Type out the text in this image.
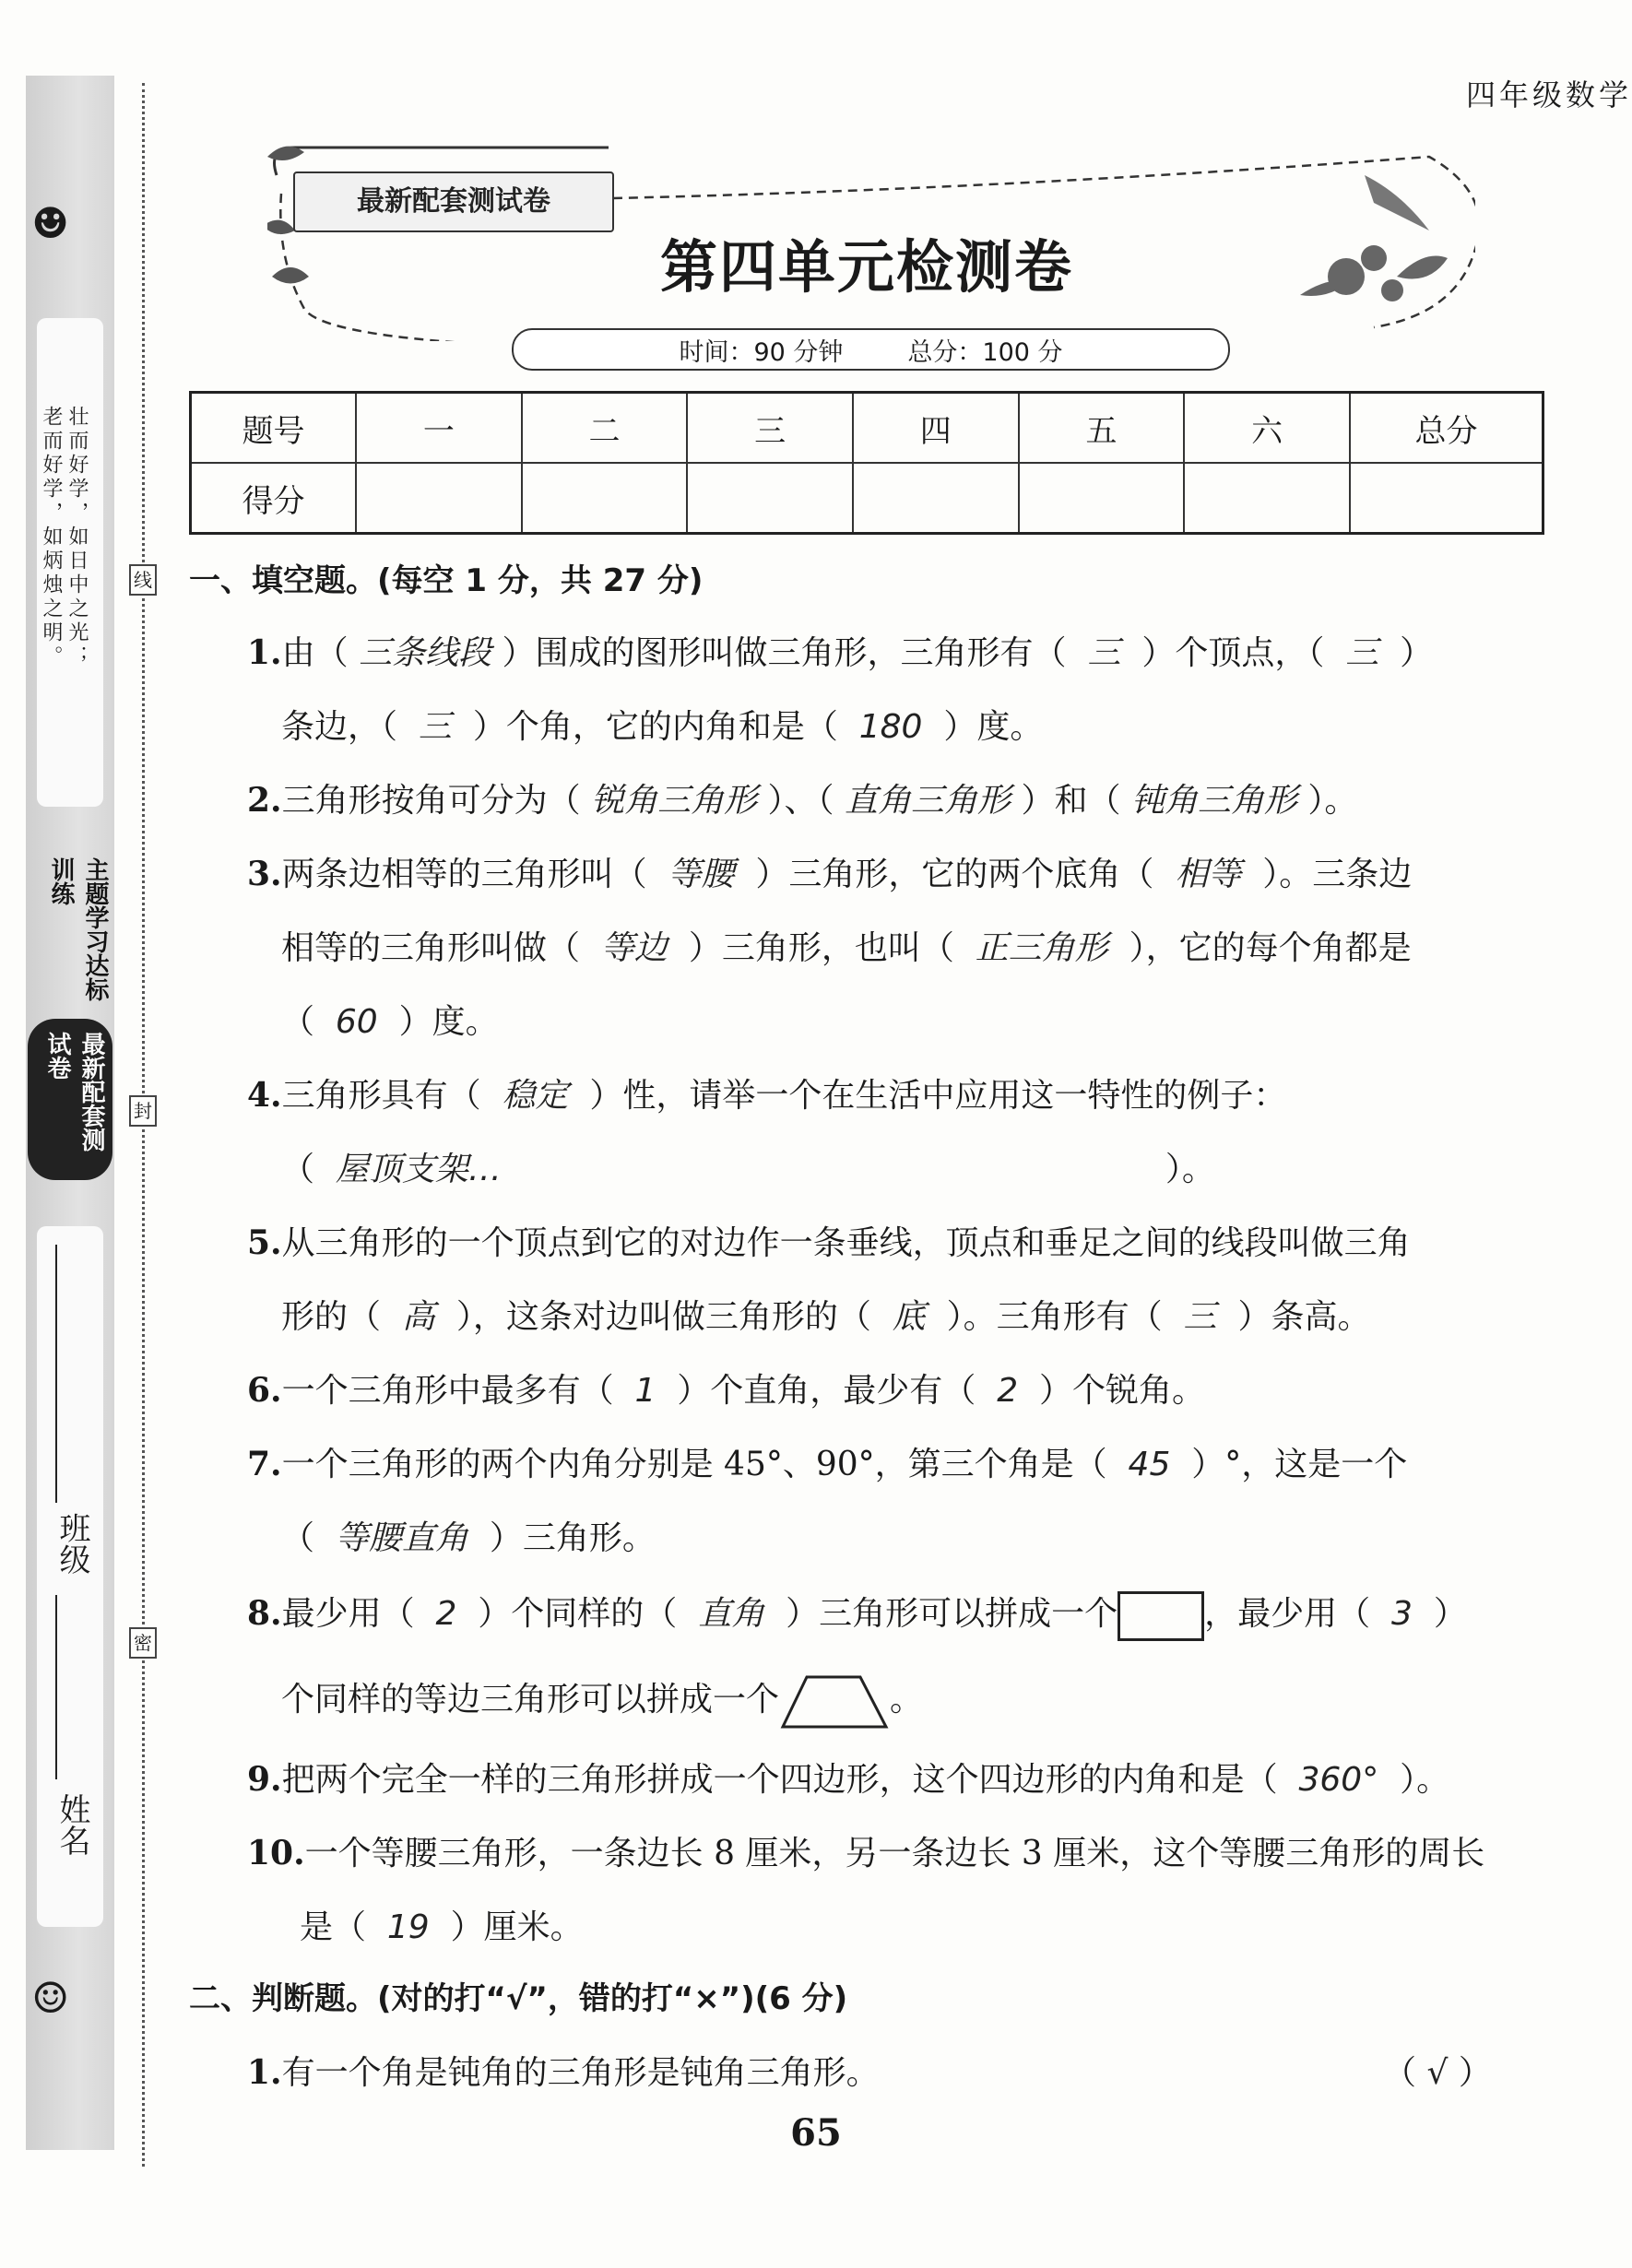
☻
壮而好学，如日中之光；
老而好学，如炳烛之明。
主题学习达标训练
最新配套测试卷
班级
姓名
☺
线
封
密
四年级数学
最新配套测试卷
第四单元检测卷
时间：90 分钟	总分：100 分
题号	一	二	三	四	五	六	总分
得分							
一、填空题。(每空 1 分，共 27 分)
1.由（ 三条线段 ）围成的图形叫做三角形，三角形有（ 三 ）个顶点，（ 三 ）
条边，（ 三 ）个角，它的内角和是（ 180 ）度。
2.三角形按角可分为（ 锐角三角形 ）、（ 直角三角形 ）和（ 钝角三角形 ）。
3.两条边相等的三角形叫（ 等腰 ）三角形，它的两个底角（ 相等 ）。三条边
相等的三角形叫做（ 等边 ）三角形，也叫（ 正三角形 ），它的每个角都是
（ 60 ）度。
4.三角形具有（ 稳定 ）性，请举一个在生活中应用这一特性的例子：
（ 屋顶支架…	）。
5.从三角形的一个顶点到它的对边作一条垂线，顶点和垂足之间的线段叫做三角
形的（ 高 ），这条对边叫做三角形的（ 底 ）。三角形有（ 三 ）条高。
6.一个三角形中最多有（ 1 ）个直角，最少有（ 2 ）个锐角。
7.一个三角形的两个内角分别是 45°、90°，第三个角是（ 45 ）°，这是一个
（ 等腰直角 ）三角形。
8.最少用（ 2 ）个同样的（ 直角 ）三角形可以拼成一个	，最少用（ 3 ）
个同样的等边三角形可以拼成一个	。
9.把两个完全一样的三角形拼成一个四边形，这个四边形的内角和是（ 360° ）。
10.一个等腰三角形，一条边长 8 厘米，另一条边长 3 厘米，这个等腰三角形的周长
是（ 19 ）厘米。
二、判断题。(对的打“√”，错的打“×”)(6 分)
1.有一个角是钝角的三角形是钝角三角形。	（ √ ）
65
